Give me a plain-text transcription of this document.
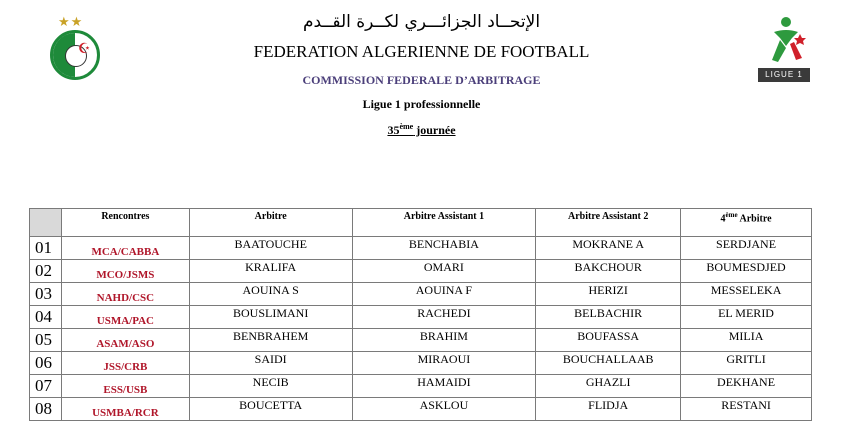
★★
☪
LIGUE 1
الإتحــاد الجزائـــري لكــرة القــدم
FEDERATION ALGERIENNE DE FOOTBALL
COMMISSION FEDERALE D’ARBITRAGE
Ligue 1 professionnelle
35ème journée
	Rencontres	Arbitre	Arbitre Assistant 1	Arbitre Assistant 2	4ème Arbitre
01	MCA/CABBA	BAATOUCHE	BENCHABIA	MOKRANE A	SERDJANE
02	MCO/JSMS	KRALIFA	OMARI	BAKCHOUR	BOUMESDJED
03	NAHD/CSC	AOUINA S	AOUINA F	HERIZI	MESSELEKA
04	USMA/PAC	BOUSLIMANI	RACHEDI	BELBACHIR	EL MERID
05	ASAM/ASO	BENBRAHEM	BRAHIM	BOUFASSA	MILIA
06	JSS/CRB	SAIDI	MIRAOUI	BOUCHALLAAB	GRITLI
07	ESS/USB	NECIB	HAMAIDI	GHAZLI	DEKHANE
08	USMBA/RCR	BOUCETTA	ASKLOU	FLIDJA	RESTANI
